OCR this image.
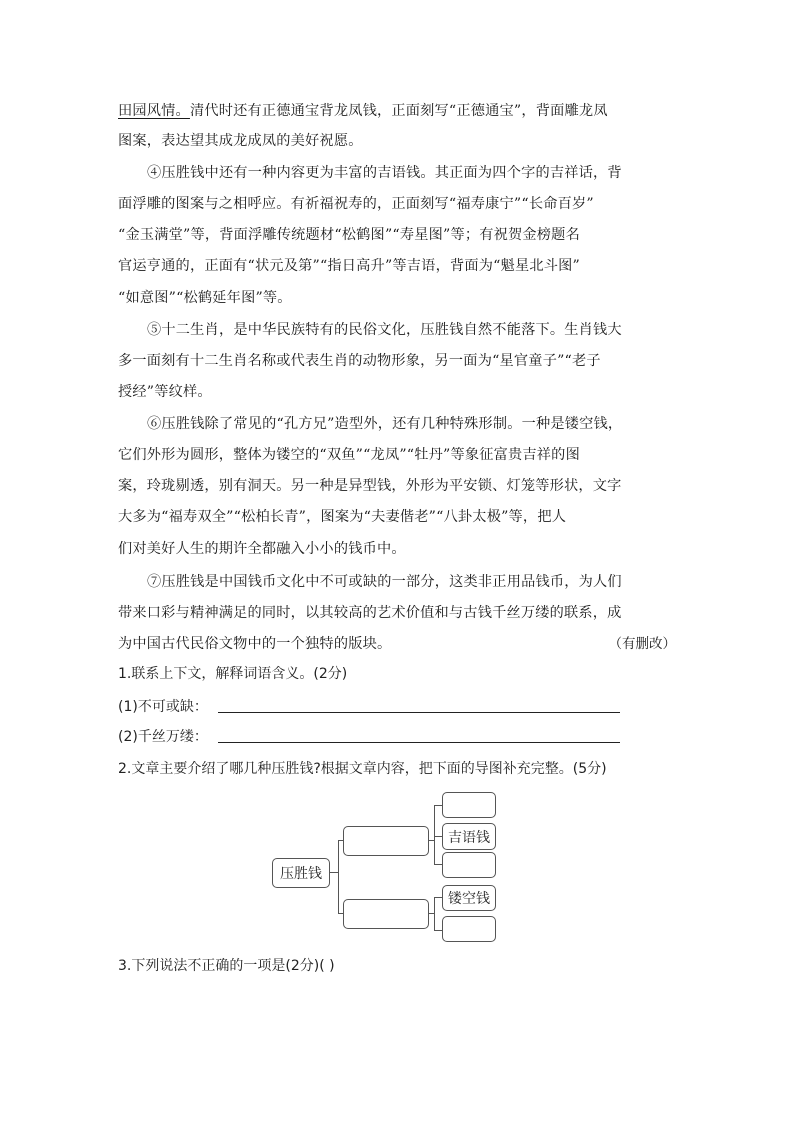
田园风情。清代时还有正德通宝背龙凤钱，正面刻写“正德通宝”，背面雕龙凤
图案，表达望其成龙成凤的美好祝愿。
④压胜钱中还有一种内容更为丰富的吉语钱。其正面为四个字的吉祥话，背
面浮雕的图案与之相呼应。有祈福祝寿的，正面刻写“福寿康宁”“长命百岁”
“金玉满堂”等，背面浮雕传统题材“松鹤图”“寿星图”等；有祝贺金榜题名
官运亨通的，正面有“状元及第”“指日高升”等吉语，背面为“魁星北斗图”
“如意图”“松鹤延年图”等。
⑤十二生肖，是中华民族特有的民俗文化，压胜钱自然不能落下。生肖钱大
多一面刻有十二生肖名称或代表生肖的动物形象，另一面为“星官童子”“老子
授经”等纹样。
⑥压胜钱除了常见的“孔方兄”造型外，还有几种特殊形制。一种是镂空钱，
它们外形为圆形，整体为镂空的“双鱼”“龙凤”“牡丹”等象征富贵吉祥的图
案，玲珑剔透，别有洞天。另一种是异型钱，外形为平安锁、灯笼等形状，文字
大多为“福寿双全”“松柏长青”，图案为“夫妻偕老”“八卦太极”等，把人
们对美好人生的期许全都融入小小的钱币中。
⑦压胜钱是中国钱币文化中不可或缺的一部分，这类非正用品钱币，为人们
带来口彩与精神满足的同时，以其较高的艺术价值和与古钱千丝万缕的联系，成
为中国古代民俗文物中的一个独特的版块。	（有删改）
1.联系上下文，解释词语含义。(2分)
(1)不可或缺：
(2)千丝万缕：
2.文章主要介绍了哪几种压胜钱?根据文章内容，把下面的导图补充完整。(5分)
压胜钱
吉语钱
镂空钱
3.下列说法不正确的一项是(2分)( )
